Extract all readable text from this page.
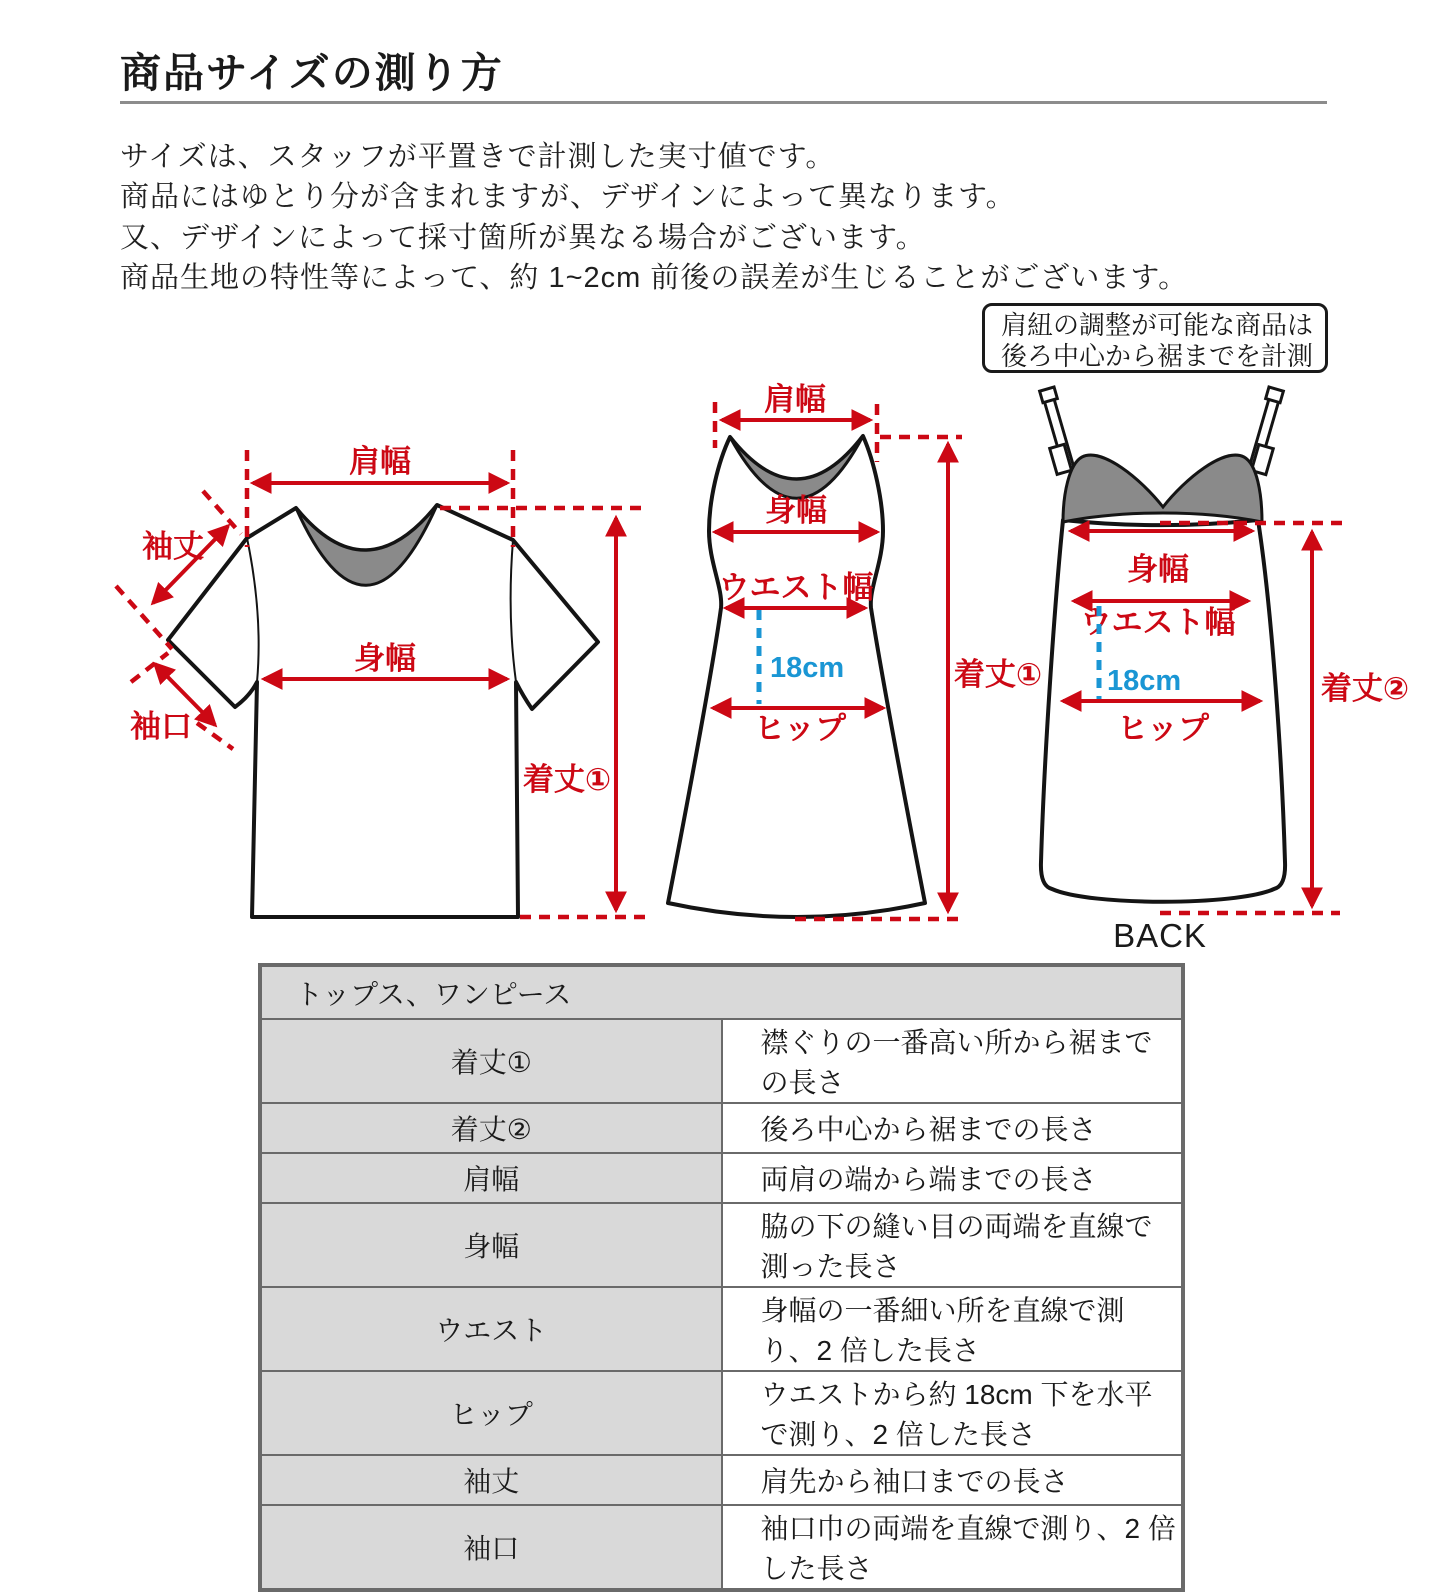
商品サイズの測り方
サイズは、スタッフが平置きで計測した実寸値です。
商品にはゆとり分が含まれますが、デザインによって異なります。
又、デザインによって採寸箇所が異なる場合がございます。
商品生地の特性等によって、約 1~2cm 前後の誤差が生じることがございます。
肩紐の調整が可能な商品は
後ろ中心から裾までを計測
肩幅
袖丈
袖口
身幅
着丈①
肩幅
身幅
ウエスト幅
18cm
ヒップ
着丈①
身幅
ウエスト幅
18cm
ヒップ
着丈②
BACK
トップス、ワンピース	
着丈①	襟ぐりの一番高い所から裾までの長さ
着丈②	後ろ中心から裾までの長さ
肩幅	両肩の端から端までの長さ
身幅	脇の下の縫い目の両端を直線で測った長さ
ウエスト	身幅の一番細い所を直線で測り、2 倍した長さ
ヒップ	ウエストから約 18cm 下を水平で測り、2 倍した長さ
袖丈	肩先から袖口までの長さ
袖口	袖口巾の両端を直線で測り、2 倍した長さ
